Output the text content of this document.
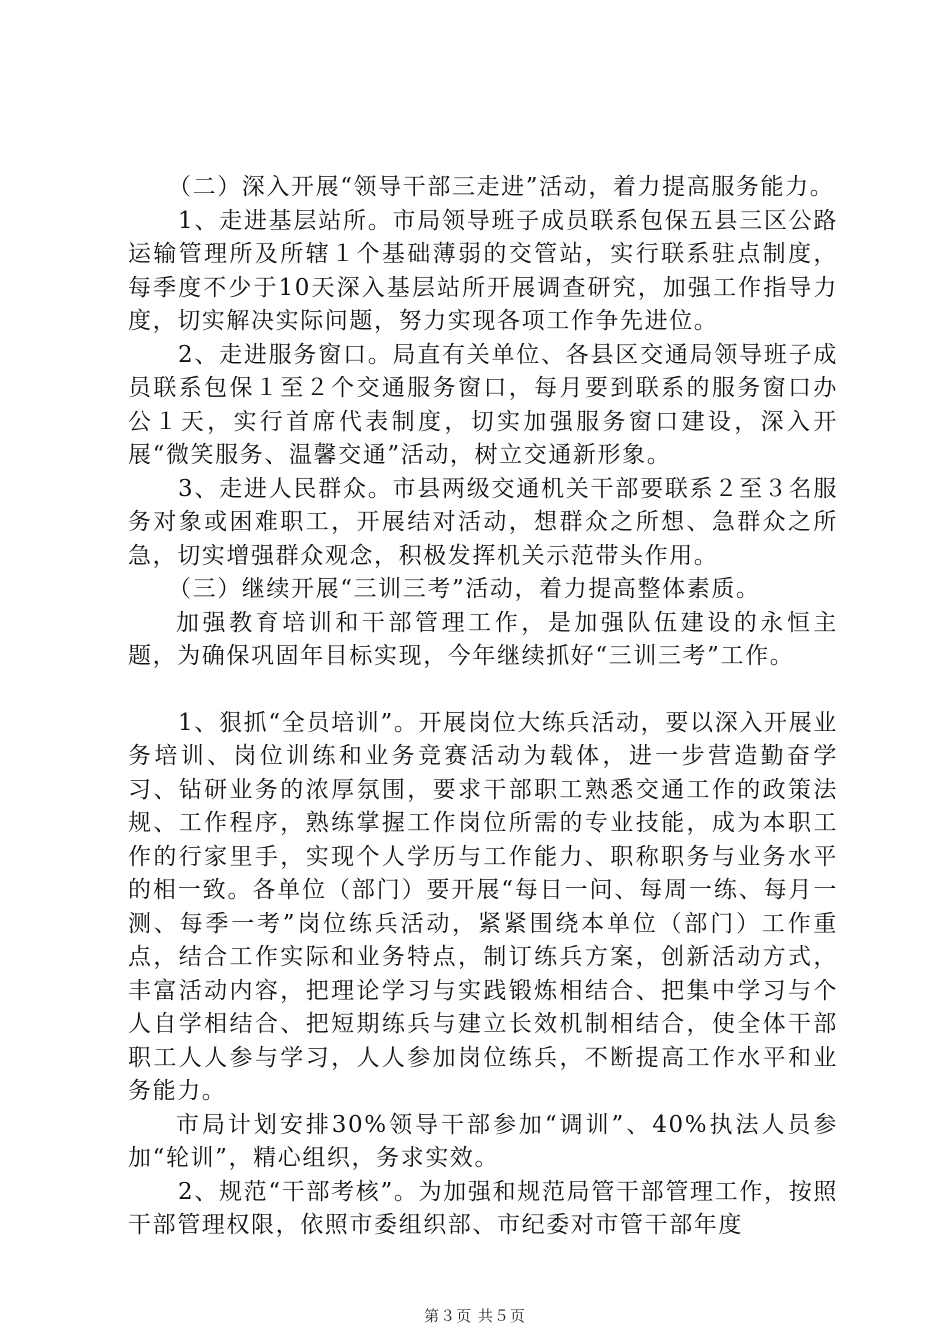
（二）深入开展“领导干部三走进”活动，着力提高服务能力。

1、走进基层站所。市局领导班子成员联系包保五县三区公路运输管理所及所辖１个基础薄弱的交管站，实行联系驻点制度，每季度不少于10天深入基层站所开展调查研究，加强工作指导力度，切实解决实际问题，努力实现各项工作争先进位。

2、走进服务窗口。局直有关单位、各县区交通局领导班子成员联系包保１至２个交通服务窗口，每月要到联系的服务窗口办公１天，实行首席代表制度，切实加强服务窗口建设，深入开展“微笑服务、温馨交通”活动，树立交通新形象。

3、走进人民群众。市县两级交通机关干部要联系２至３名服务对象或困难职工，开展结对活动，想群众之所想、急群众之所急，切实增强群众观念，积极发挥机关示范带头作用。

（三）继续开展“三训三考”活动，着力提高整体素质。

加强教育培训和干部管理工作，是加强队伍建设的永恒主题，为确保巩固年目标实现，今年继续抓好“三训三考”工作。

1、狠抓“全员培训”。开展岗位大练兵活动，要以深入开展业务培训、岗位训练和业务竞赛活动为载体，进一步营造勤奋学习、钻研业务的浓厚氛围，要求干部职工熟悉交通工作的政策法规、工作程序，熟练掌握工作岗位所需的专业技能，成为本职工作的行家里手，实现个人学历与工作能力、职称职务与业务水平的相一致。各单位（部门）要开展“每日一问、每周一练、每月一测、每季一考”岗位练兵活动，紧紧围绕本单位（部门）工作重点，结合工作实际和业务特点，制订练兵方案，创新活动方式，丰富活动内容，把理论学习与实践锻炼相结合、把集中学习与个人自学相结合、把短期练兵与建立长效机制相结合，使全体干部职工人人参与学习，人人参加岗位练兵，不断提高工作水平和业务能力。

市局计划安排30%领导干部参加“调训”、40%执法人员参加“轮训”，精心组织，务求实效。

2、规范“干部考核”。为加强和规范局管干部管理工作，按照干部管理权限，依照市委组织部、市纪委对市管干部年度

第３页 共５页
